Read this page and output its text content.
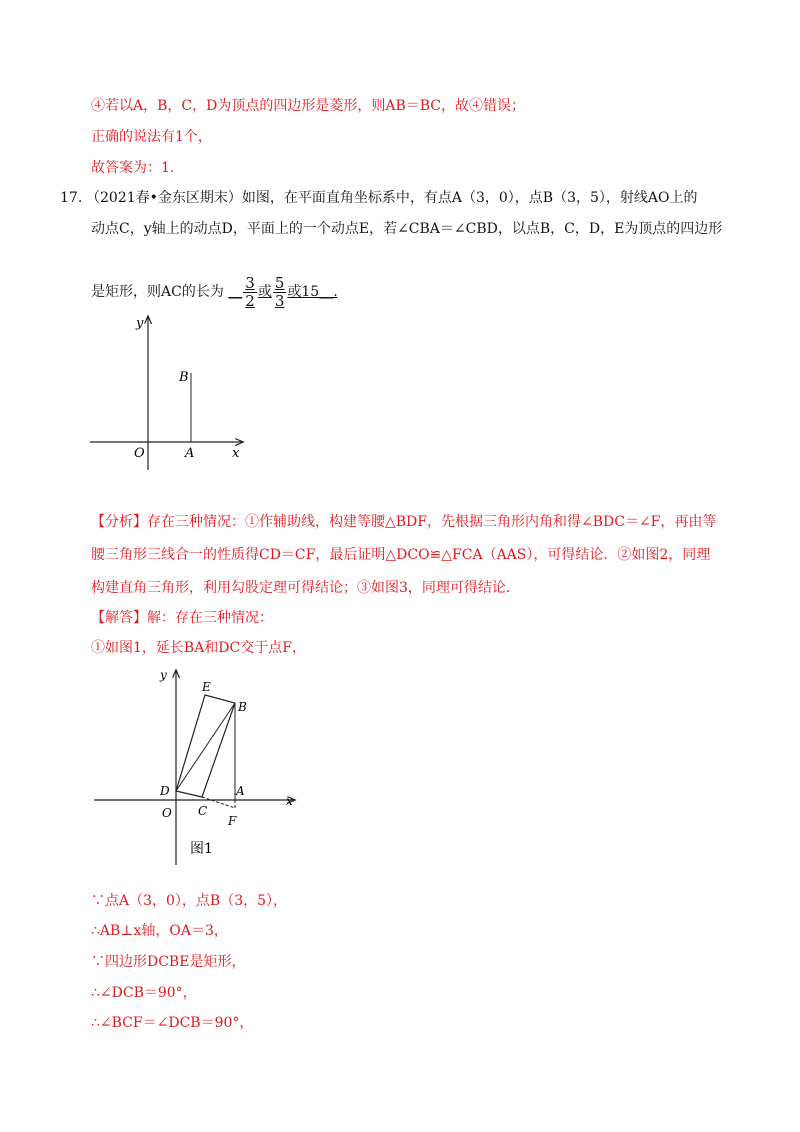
④若以A，B，C，D为顶点的四边形是菱形，则AB＝BC，故④错误；
正确的说法有1个，
故答案为：1.
17. （2021春•金东区期末）如图，在平面直角坐标系中，有点A（3，0），点B（3，5），射线AO上的
动点C，y轴上的动点D，平面上的一个动点E，若∠CBA＝∠CBD，以点B，C，D，E为顶点的四边形
是矩形，则AC的长为 __ $\frac{3}{2}$ 或 $\frac{5}{3}$ 或15__.
y
x
O	A
B
【分析】存在三种情况：①作辅助线，构建等腰△BDF，先根据三角形内角和得∠BDC＝∠F，再由等
腰三角形三线合一的性质得CD＝CF，最后证明△DCO≌△FCA（AAS），可得结论．②如图2，同理
构建直角三角形，利用勾股定理可得结论；③如图3，同理可得结论．
【解答】解：存在三种情况：
①如图1，延长BA和DC交于点F，
y
x
E
B
D	A
O C
F
图1
∵点A（3，0），点B（3，5），
∴AB⊥x轴，OA＝3，
∵四边形DCBE是矩形，
∴∠DCB＝90°，
∴∠BCF＝∠DCB＝90°，
